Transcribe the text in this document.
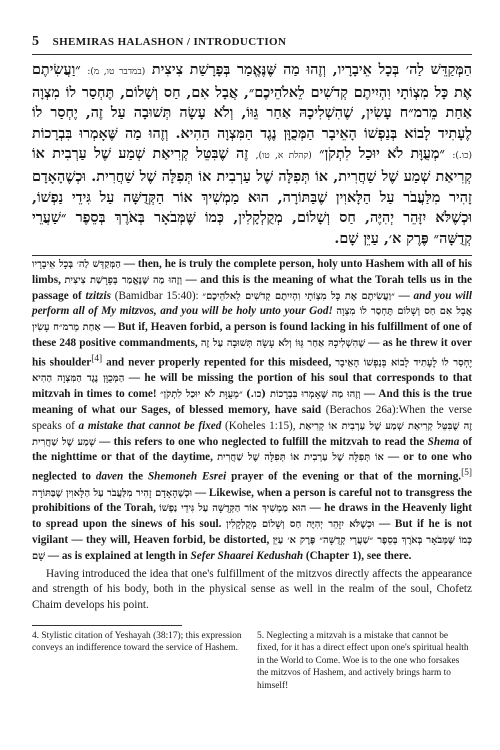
5 SHEMIRAS HALASHON / INTRODUCTION
הַמְּקַדֵּשׁ לַה׳ בְּכָל אֵיבָרָיו, וְזֶהוּ מַה שֶּׁנֶּאֱמַר בְּפָרָשַׁת צִיצִית (במדבר טו, מ): ״וַעֲשִׂיתֶם אֶת כָּל מִצְוֹתָי וִהְיִיתֶם קְדֹשִׁים לֵאלֹהֵיכֶם״, אֲבָל אִם, חַס וְשָׁלוֹם, תֶּחְסַר לוֹ מִצְוָה אַחַת מֵרמ״ח עָשִׂין, שֶׁהִשְׁלִיכָהּ אַחַר גֵּוּוֹ, וְלֹא עָשָׂה תְּשׁוּבָה עַל זֶה, יֶחְסַר לוֹ לֶעָתִיד לָבוֹא בְּנַפְשׁוֹ הָאֵיבָר הַמְּכֻוָּן נֶגֶד הַמִּצְוָה הַהִיא. וְזֶהוּ מַה שֶּׁאָמְרוּ בִּבְרָכוֹת (כו.): ״מְעֻוָּת לֹא יוּכַל לִתְקֹן״ (קהלת א, טו), זֶה שֶׁבִּטֵּל קְרִיאַת שְׁמַע שֶׁל עַרְבִית אוֹ קְרִיאַת שְׁמַע שֶׁל שַׁחֲרִית, אוֹ תְּפִלָּה שֶׁל עַרְבִית אוֹ תְּפִלָּה שֶׁל שַׁחֲרִית. וּכְשֶׁהָאָדָם זָהִיר מִלַּעֲבֹר עַל הַלָּאוִין שֶׁבַּתּוֹרָה, הוּא מַמְשִׁיךְ אוֹר הַקְּדֻשָּׁה עַל גִּידֵי נַפְשׁוֹ, וּכְשֶׁלֹּא יִזָּהֵר יְהִיֶּה, חַס וְשָׁלוֹם, מְקֻלְקָלִין, כְּמוֹ שֶּׁמְּבֹאָר בְּאֹרֶךְ בְּסֵפֶר ״שַׁעֲרֵי קְדֻשָּׁה״ פֶּרֶק א׳, עַיֵּן שָׁם.

הַמְּקַדֵּשׁ לַה׳ בְּכָל אֵיבָרָיו — then, he is truly the complete person, holy unto Hashem with all of his limbs, וְזֶהוּ מַה שֶּׁנֶּאֱמַר בְּפָרָשַׁת צִיצִית — and this is the meaning of what the Torah tells us in the passage of tzitzis (Bamidbar 15:40): ״וַעֲשִׂיתֶם אֶת כָּל מִצְוֹתָי וִהְיִיתֶם קְדֹשִׁים לֵאלֹהֵיכֶם״ — and you will perform all of My mitzvos, and you will be holy unto your God! אֲבָל אִם חַס וְשָׁלוֹם תֶּחְסַר לוֹ מִצְוָה אַחַת מֵרמ״ח עָשִׂין — But if, Heaven forbid, a person is found lacking in his fulfillment of one of these 248 positive commandments, שֶׁהִשְׁלִיכָהּ אַחַר גֵּוּוֹ וְלֹא עָשָׂה תְּשׁוּבָה עַל זֶה — as he threw it over his shoulder[4] and never properly repented for this misdeed, יֶחְסַר לוֹ לֶעָתִיד לָבוֹא בְּנַפְשׁוֹ הָאֵיבָר הַמְּכֻוָּן נֶגֶד הַמִּצְוָה הַהִיא — he will be missing the portion of his soul that corresponds to that mitzvah in times to come!	וְזֶהוּ מַה שֶּׁאָמְרוּ בִּבְרָכוֹת (כו.) ״מְעֻוָּת לֹא יוּכַל לִתְקֹן״	— And this is the true meaning of what our Sages, of blessed memory, have said (Berachos 26a):When the verse speaks of a mistake that cannot be fixed (Koheles 1:15), זֶה שֶׁבִּטֵּל קְרִיאַת שְׁמַע שֶׁל עַרְבִית אוֹ קְרִיאַת שְׁמַע שֶׁל שַׁחֲרִית — this refers to one who neglected to fulfill the mitzvah to read the Shema of the nighttime or that of the daytime, אוֹ תְּפִלָּה שֶׁל עַרְבִית אוֹ תְּפִלָּה שֶׁל שַׁחֲרִית — or to one who neglected to daven the Shemoneh Esrei prayer of the evening or that of the morning.[5] וּכְשֶׁהָאָדָם זָהִיר מִלַּעֲבֹר עַל הַלָּאוִין שֶׁבַּתּוֹרָה — Likewise, when a person is careful not to transgress the prohibitions of the Torah, הוּא מַמְשִׁיךְ אוֹר הַקְּדֻשָּׁה עַל גִּידֵי נַפְשׁוֹ — he draws in the Heavenly light to spread upon the sinews of his soul. וּכְשֶׁלֹּא יִזָּהֵר יְהִיֶּה חַס וְשָׁלוֹם מְקֻלְקָלִין — But if he is not vigilant — they will, Heaven forbid, be distorted, כְּמוֹ שֶּׁמְּבֹאָר בְּאֹרֶךְ בְּסֵפֶר ״שַׁעֲרֵי קְדֻשָּׁה״ פֶּרֶק א׳ עַיֵּן שָׁם — as is explained at length in Sefer Shaarei Kedushah (Chapter 1), see there.

Having introduced the idea that one's fulfillment of the mitzvos directly affects the appearance and strength of his body, both in the physical sense as well in the realm of the soul, Chofetz Chaim develops his point.

4. Stylistic citation of Yeshayah (38:17); this expression conveys an indifference toward the service of Hashem.

5. Neglecting a mitzvah is a mistake that cannot be fixed, for it has a direct effect upon one's spiritual health in the World to Come. Woe is to the one who forsakes the mitzvos of Hashem, and actively brings harm to himself!
